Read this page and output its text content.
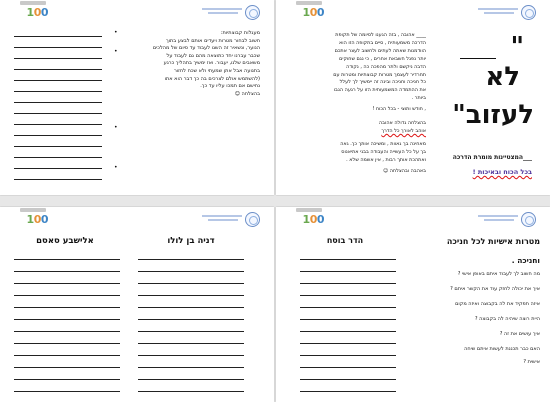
100
•
•
•
•
מעגלות קבוצתיות:
חשוב לבחור מטרות ויעדים אותם לבצע בתוך
הנוער, ונשאיר זה השגו לעבוד עד סיום של מהלכים
שכבר עברנו יחד כתוצאה מהם גם לעבוד על
משאבים שלנו, יעבור. ואז ימשיך בתהליך כרגע
בתנועה אבל אתן שמעתי ולא שכח לחזור
(להשתמש אולם לצרכים בה כך דבר הוא אתו
נחישם אם תמכו עליו עד כך.
בהצלחה ☺
100
____ אהובה , בזה הגענו לסיומה של תקופת
הדרכה משמעותית , סיים בתקופה הזו הוא
הוודמנות שאתה לעתים ולחשוב לעצר אתכם
יותר נפגל חשבאת אחרים , כי נגם שחוקים
הדבה ניקשם ולתר מהפכה כה , נקודה
תחרדיר לעצמך מטרות קבוצתיות ומטרות עם
כל חניכה וחניכה ובינה זה יימשיך לך לעלל
את ההתמדה המשמעותית הזו על רגעה הגבו
ביותר .
, חודש ותוצי - בכל הכוח !
בהצלחה גדולה אהובה
אוהב לאורך כל הדרך
מאחינה בך גאוות , ומשיכה אותך כך. גאה
בך על כל העשייה והעבודה בבני אתיאנוס
ואתהכת אותך רבות , אין אשמה שלא .
באהבה ובהצלחה ☺
"
לא
לעזוב"
___המצטיינות מומרת הדרכה
בכל הכוח ובאיכות !
100
אלישבע סאסם	דניה בן לולו
100
הדר בוסח	מטרות אישיות לכל חניכה
וחניכה .
מה חשוב לך לעבוד איתם באופן אישי ?
איך את יכולה לחזק עוד את הקשר איתם ?
איזה תפקיד את לה בקבוצה ואיזה מקום
היית רוצה שיהיה לה בקבוצה ?
איך עושים את זה ?
האם כבר תכננת לעשות איתם שיחה
אישית ?
